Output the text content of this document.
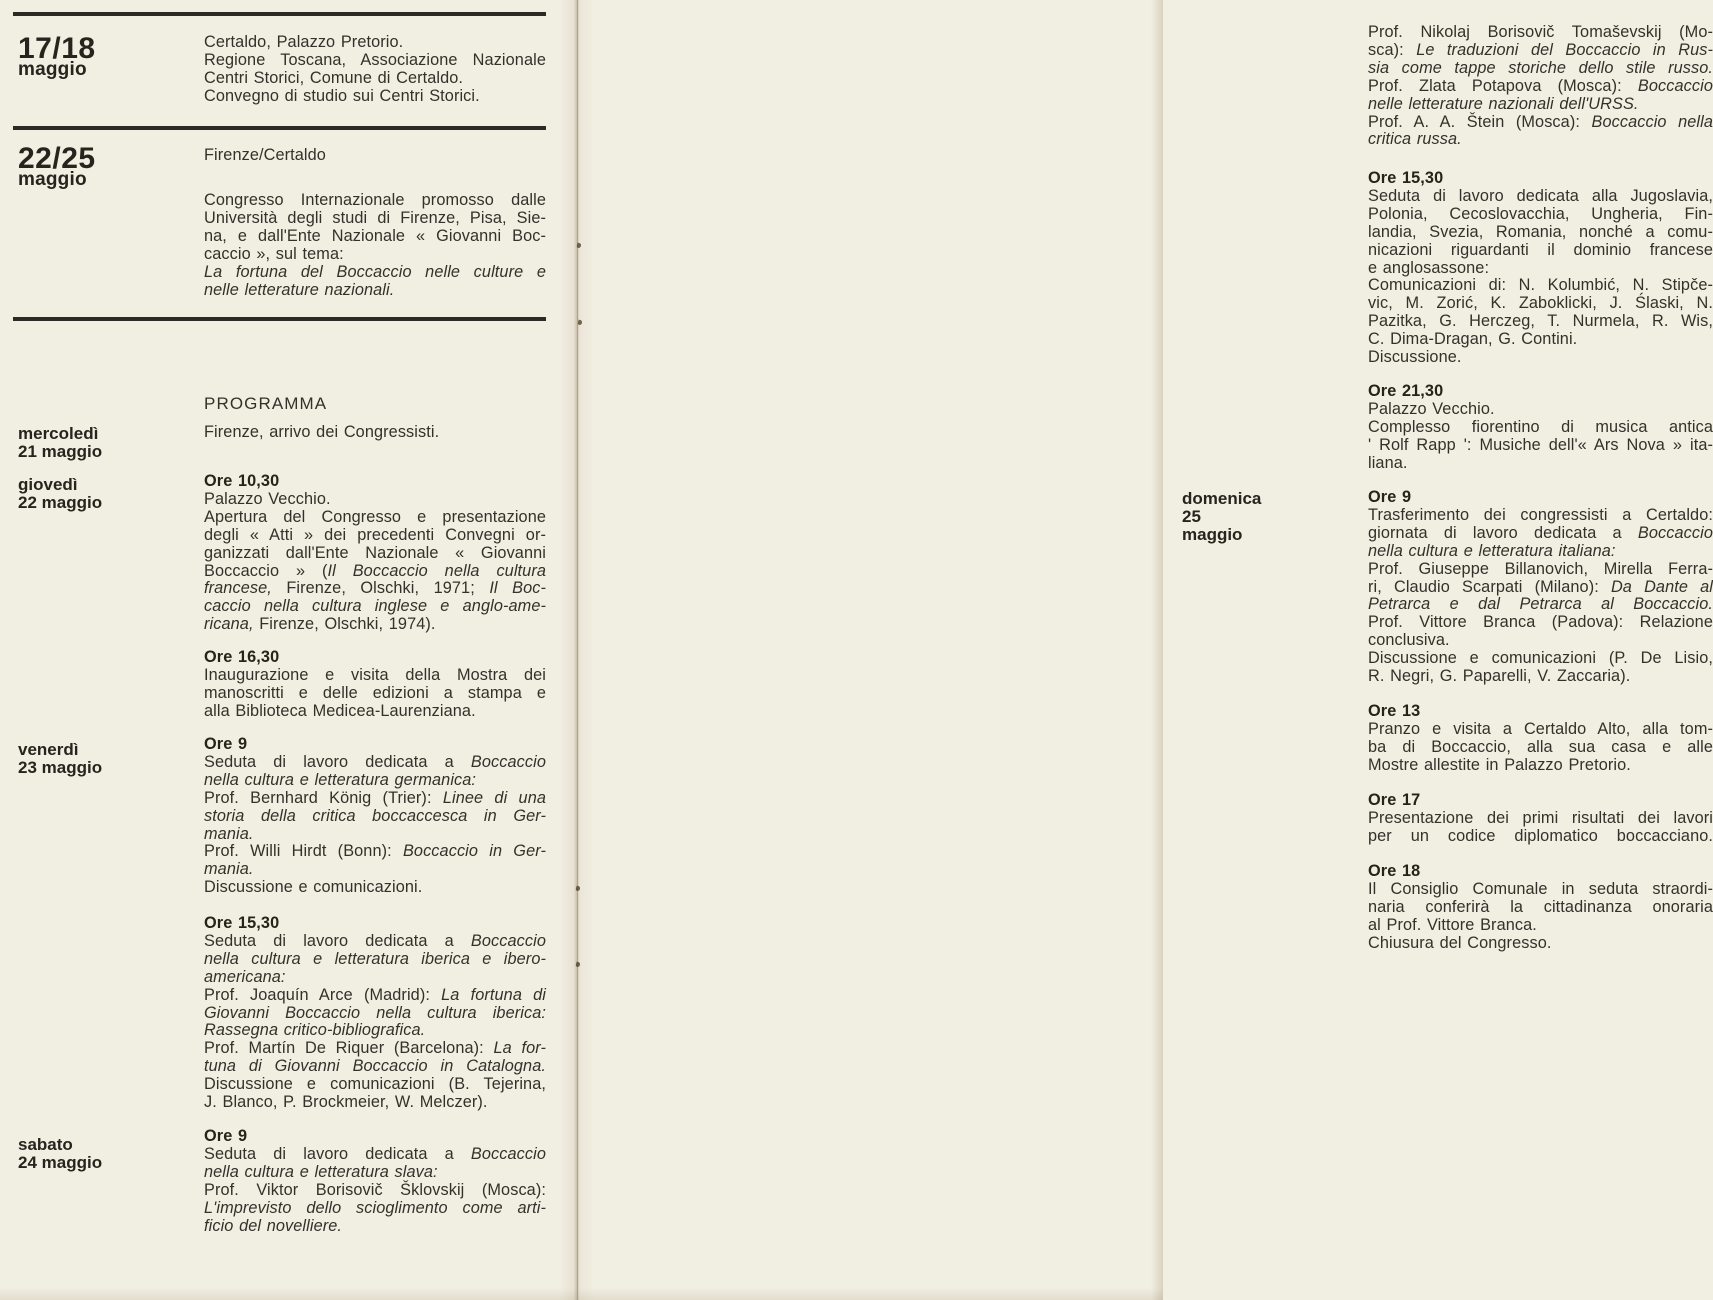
17/18
maggio
22/25
maggio
mercoledì
21 maggio
giovedì
22 maggio
venerdì
23 maggio
sabato
24 maggio
Certaldo, Palazzo Pretorio.
Regione Toscana, Associazione Nazionale
Centri Storici, Comune di Certaldo.
Convegno di studio sui Centri Storici.
Firenze/Certaldo
Congresso Internazionale promosso dalle
Università degli studi di Firenze, Pisa, Sie-
na, e dall'Ente Nazionale « Giovanni Boc-
caccio », sul tema:
La fortuna del Boccaccio nelle culture e
nelle letterature nazionali.
PROGRAMMA
Firenze, arrivo dei Congressisti.
Ore 10,30
Palazzo Vecchio.
Apertura del Congresso e presentazione
degli « Atti » dei precedenti Convegni or-
ganizzati dall'Ente Nazionale « Giovanni
Boccaccio » (Il Boccaccio nella cultura
francese, Firenze, Olschki, 1971; Il Boc-
caccio nella cultura inglese e anglo-ame-
ricana, Firenze, Olschki, 1974).
Ore 16,30
Inaugurazione e visita della Mostra dei
manoscritti e delle edizioni a stampa e
alla Biblioteca Medicea-Laurenziana.
Ore 9
Seduta di lavoro dedicata a Boccaccio
nella cultura e letteratura germanica:
Prof. Bernhard König (Trier): Linee di una
storia della critica boccaccesca in Ger-
mania.
Prof. Willi Hirdt (Bonn): Boccaccio in Ger-
mania.
Discussione e comunicazioni.
Ore 15,30
Seduta di lavoro dedicata a Boccaccio
nella cultura e letteratura iberica e ibero-
americana:
Prof. Joaquín Arce (Madrid): La fortuna di
Giovanni Boccaccio nella cultura iberica:
Rassegna critico-bibliografica.
Prof. Martín De Riquer (Barcelona): La for-
tuna di Giovanni Boccaccio in Catalogna.
Discussione e comunicazioni (B. Tejerina,
J. Blanco, P. Brockmeier, W. Melczer).
Ore 9
Seduta di lavoro dedicata a Boccaccio
nella cultura e letteratura slava:
Prof. Viktor Borisovič Šklovskij (Mosca):
L'imprevisto dello scioglimento come arti-
ficio del novelliere.
domenica
25 maggio
Prof. Nikolaj Borisovič Tomaševskij (Mo-
sca): Le traduzioni del Boccaccio in Rus-
sia come tappe storiche dello stile russo.
Prof. Zlata Potapova (Mosca): Boccaccio
nelle letterature nazionali dell'URSS.
Prof. A. A. Štein (Mosca): Boccaccio nella
critica russa.
Ore 15,30
Seduta di lavoro dedicata alla Jugoslavia,
Polonia, Cecoslovacchia, Ungheria, Fin-
landia, Svezia, Romania, nonché a comu-
nicazioni riguardanti il dominio francese
e anglosassone:
Comunicazioni di: N. Kolumbić, N. Stipče-
vic, M. Zorić, K. Zaboklicki, J. Ślaski, N.
Pazitka, G. Herczeg, T. Nurmela, R. Wis,
C. Dima-Dragan, G. Contini.
Discussione.
Ore 21,30
Palazzo Vecchio.
Complesso fiorentino di musica antica
' Rolf Rapp ': Musiche dell'« Ars Nova » ita-
liana.
Ore 9
Trasferimento dei congressisti a Certaldo:
giornata di lavoro dedicata a Boccaccio
nella cultura e letteratura italiana:
Prof. Giuseppe Billanovich, Mirella Ferra-
ri, Claudio Scarpati (Milano): Da Dante al
Petrarca e dal Petrarca al Boccaccio.
Prof. Vittore Branca (Padova): Relazione
conclusiva.
Discussione e comunicazioni (P. De Lisio,
R. Negri, G. Paparelli, V. Zaccaria).
Ore 13
Pranzo e visita a Certaldo Alto, alla tom-
ba di Boccaccio, alla sua casa e alle
Mostre allestite in Palazzo Pretorio.
Ore 17
Presentazione dei primi risultati dei lavori
per un codice diplomatico boccacciano.
Ore 18
Il Consiglio Comunale in seduta straordi-
naria conferirà la cittadinanza onoraria
al Prof. Vittore Branca.
Chiusura del Congresso.
